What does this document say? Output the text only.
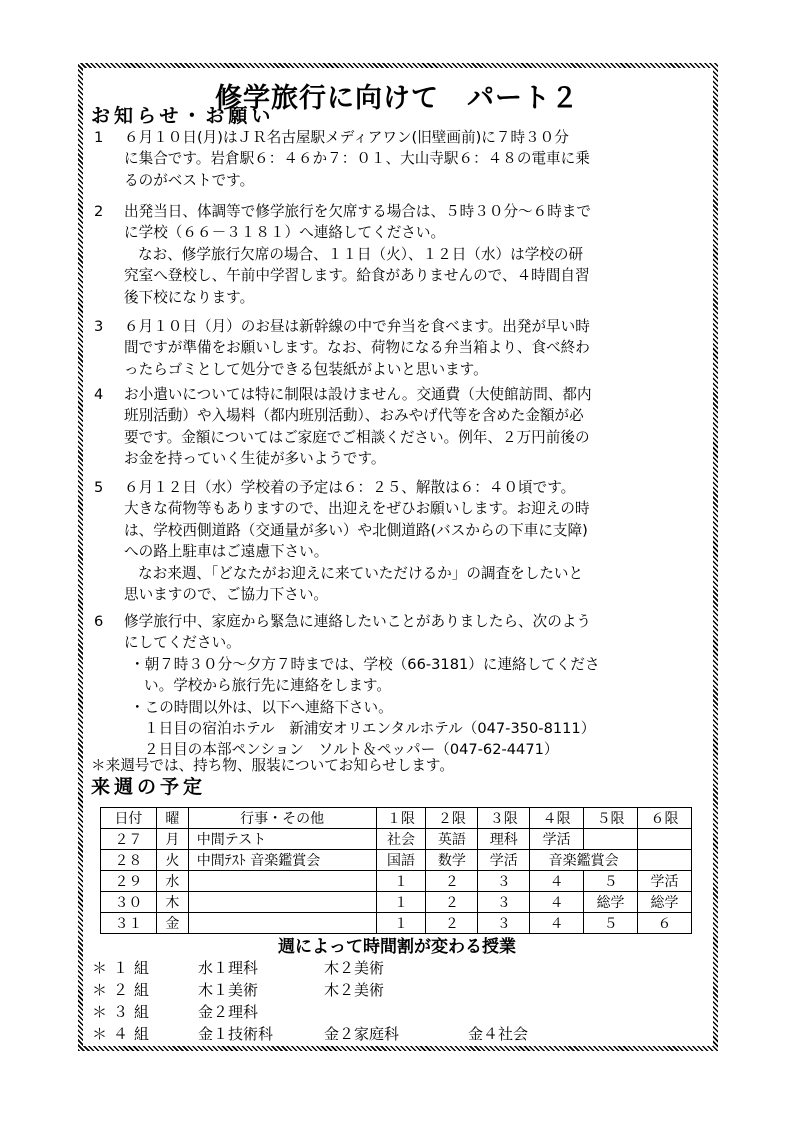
修学旅行に向けて　パート２
お知らせ・お願い
1 ６月１０日(月)はＪＲ名古屋駅メディアワン(旧壁画前)に７時３０分
に集合です。岩倉駅６：４６か７：０１、大山寺駅６：４８の電車に乗
るのがベストです。
2 出発当日、体調等で修学旅行を欠席する場合は、５時３０分～６時まで
に学校（６６－３１８１）へ連絡してください。
なお、修学旅行欠席の場合、１１日（火）、１２日（水）は学校の研
究室へ登校し、午前中学習します。給食がありませんので、４時間自習
後下校になります。
3 ６月１０日（月）のお昼は新幹線の中で弁当を食べます。出発が早い時
間ですが準備をお願いします。なお、荷物になる弁当箱より、食べ終わ
ったらゴミとして処分できる包装紙がよいと思います。
4 お小遣いについては特に制限は設けません。交通費（大使館訪問、都内
班別活動）や入場料（都内班別活動）、おみやげ代等を含めた金額が必
要です。金額についてはご家庭でご相談ください。例年、２万円前後の
お金を持っていく生徒が多いようです。
5 ６月１２日（水）学校着の予定は６：２５、解散は６：４０頃です。
大きな荷物等もありますので、出迎えをぜひお願いします。お迎えの時
は、学校西側道路（交通量が多い）や北側道路(バスからの下車に支障)
への路上駐車はご遠慮下さい。
なお来週、「どなたがお迎えに来ていただけるか」の調査をしたいと
思いますので、ご協力下さい。
6 修学旅行中、家庭から緊急に連絡したいことがありましたら、次のよう
にしてください。
・朝７時３０分～夕方７時までは、学校（66-3181）に連絡してくださ
い。学校から旅行先に連絡をします。
・この時間以外は、以下へ連絡下さい。
１日目の宿泊ホテル　新浦安オリエンタルホテル（047-350-8111）
２日目の本部ペンション　ソルト＆ペッパー（047-62-4471）
＊来週号では、持ち物、服装についてお知らせします。
来週の予定
日付	曜	行事・その他	１限	２限	３限	４限	５限	６限
２７	月	中間テスト	社会	英語	理科	学活		
２８	火	中間ﾃｽﾄ 音楽鑑賞会	国語	数学	学活	音楽鑑賞会		
２９	水		１	２	３	４	５	学活
３０	木		１	２	３	４	総学	総学
３１	金		１	２	３	４	５	６
週によって時間割が変わる授業
＊１組	水１理科	木２美術
＊２組	木１美術	木２美術
＊３組	金２理科
＊４組	金１技術科	金２家庭科	金４社会
